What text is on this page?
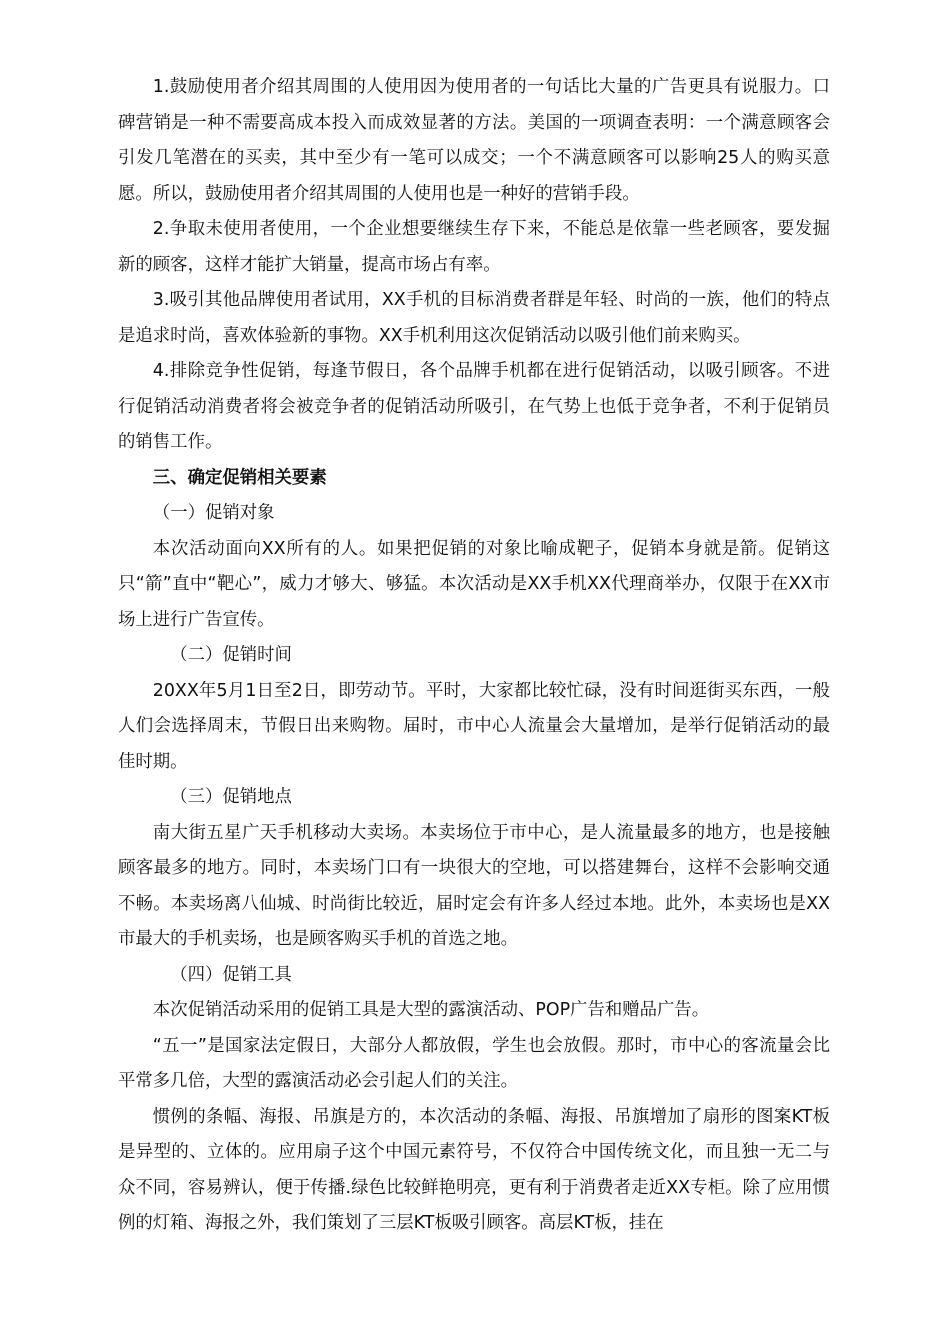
1.鼓励使用者介绍其周围的人使用因为使用者的一句话比大量的广告更具有说服力。口碑营销是一种不需要高成本投入而成效显著的方法。美国的一项调查表明：一个满意顾客会引发几笔潜在的买卖，其中至少有一笔可以成交；一个不满意顾客可以影响25人的购买意愿。所以，鼓励使用者介绍其周围的人使用也是一种好的营销手段。

2.争取未使用者使用，一个企业想要继续生存下来，不能总是依靠一些老顾客，要发掘新的顾客，这样才能扩大销量，提高市场占有率。

3.吸引其他品牌使用者试用，XX手机的目标消费者群是年轻、时尚的一族，他们的特点是追求时尚，喜欢体验新的事物。XX手机利用这次促销活动以吸引他们前来购买。

4.排除竞争性促销，每逢节假日，各个品牌手机都在进行促销活动，以吸引顾客。不进行促销活动消费者将会被竞争者的促销活动所吸引，在气势上也低于竞争者，不利于促销员的销售工作。

三、确定促销相关要素

（一）促销对象

本次活动面向XX所有的人。如果把促销的对象比喻成靶子，促销本身就是箭。促销这只“箭”直中“靶心”，威力才够大、够猛。本次活动是XX手机XX代理商举办，仅限于在XX市场上进行广告宣传。

（二）促销时间

20XX年5月1日至2日，即劳动节。平时，大家都比较忙碌，没有时间逛街买东西，一般人们会选择周末，节假日出来购物。届时，市中心人流量会大量增加，是举行促销活动的最佳时期。

（三）促销地点

南大街五星广天手机移动大卖场。本卖场位于市中心，是人流量最多的地方，也是接触顾客最多的地方。同时，本卖场门口有一块很大的空地，可以搭建舞台，这样不会影响交通不畅。本卖场离八仙城、时尚街比较近，届时定会有许多人经过本地。此外，本卖场也是XX市最大的手机卖场，也是顾客购买手机的首选之地。

（四）促销工具

本次促销活动采用的促销工具是大型的露演活动、POP广告和赠品广告。

“五一”是国家法定假日，大部分人都放假，学生也会放假。那时，市中心的客流量会比平常多几倍，大型的露演活动必会引起人们的关注。

惯例的条幅、海报、吊旗是方的，本次活动的条幅、海报、吊旗增加了扇形的图案KT板是异型的、立体的。应用扇子这个中国元素符号，不仅符合中国传统文化，而且独一无二与众不同，容易辨认，便于传播.绿色比较鲜艳明亮，更有利于消费者走近XX专柜。除了应用惯例的灯箱、海报之外，我们策划了三层KT板吸引顾客。高层KT板，挂在
